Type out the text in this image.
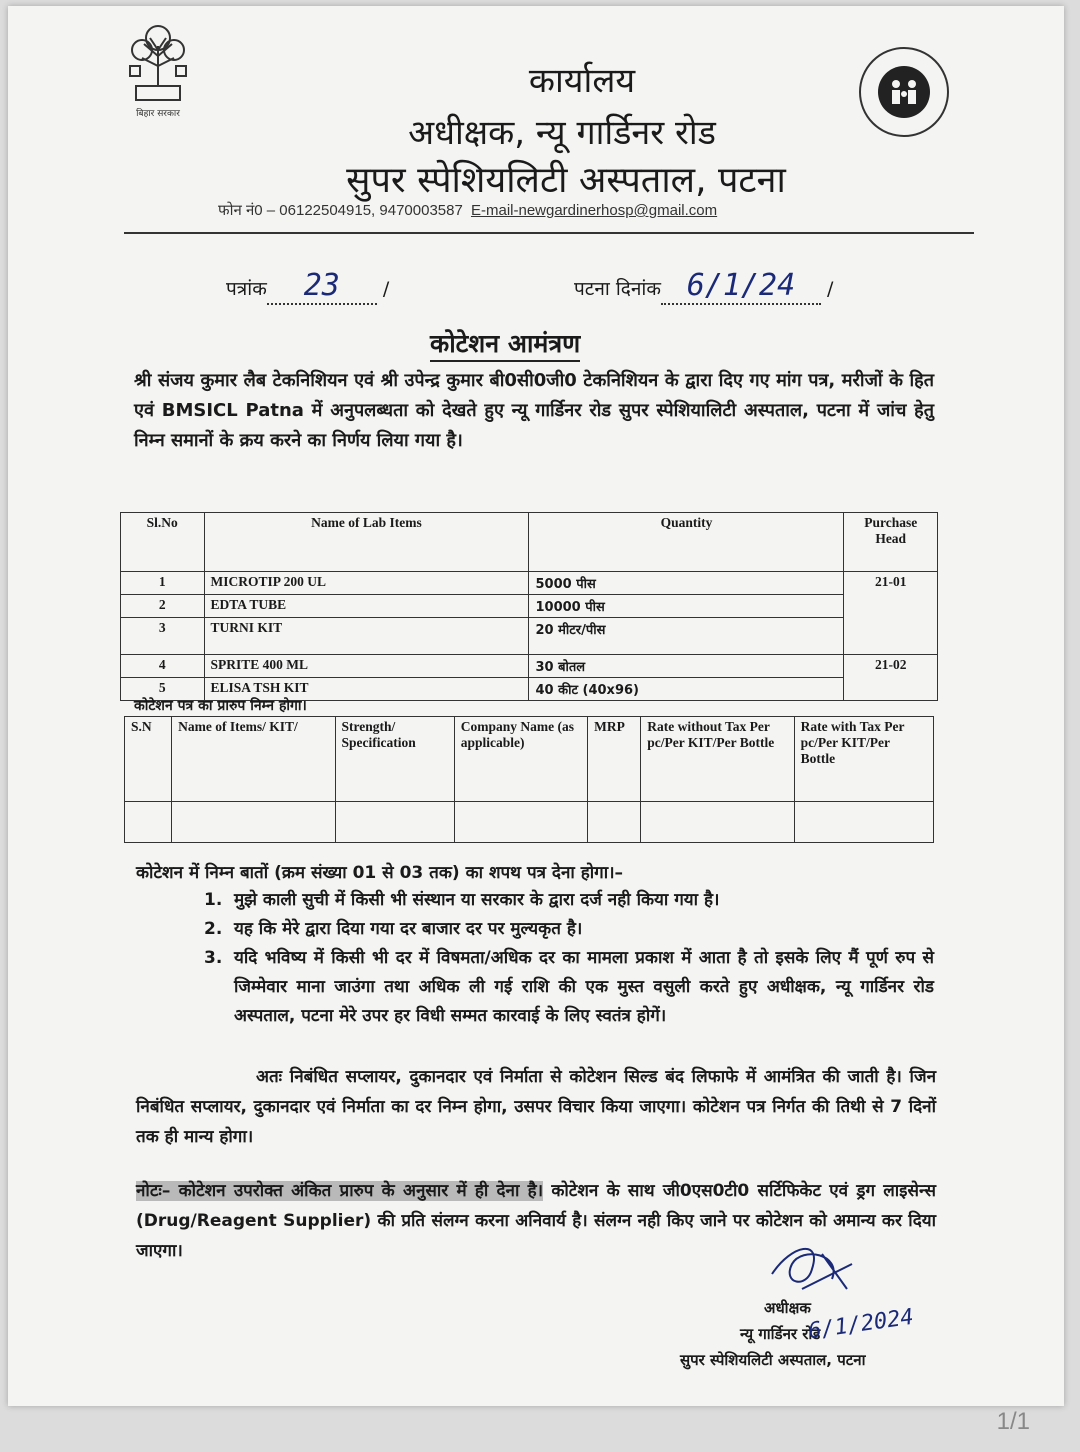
बिहार सरकार
कार्यालय
अधीक्षक, न्यू गार्डिनर रोड
सुपर स्पेशियलिटी अस्पताल, पटना
फोन नं0 – 06122504915, 9470003587 E-mail-newgardinerhosp@gmail.com
पत्रांक 23 /	पटना दिनांक 6/1/24 /
कोटेशन आमंत्रण
श्री संजय कुमार लैब टेकनिशियन एवं श्री उपेन्द्र कुमार बी0सी0जी0 टेकनिशियन के द्वारा दिए गए मांग पत्र, मरीजों के हित एवं BMSICL Patna में अनुपलब्धता को देखते हुए न्यू गार्डिनर रोड सुपर स्पेशियालिटी अस्पताल, पटना में जांच हेतु निम्न समानों के क्रय करने का निर्णय लिया गया है।
Sl.No	Name of Lab Items	Quantity	Purchase Head
1	MICROTIP 200 UL	5000 पीस	21-01
2	EDTA TUBE	10000 पीस	
3	TURNI KIT	20 मीटर/पीस	
4	SPRITE 400 ML	30 बोतल	21-02
5	ELISA TSH KIT	40 कीट (40x96)	
कोटेशन पत्र का प्रारुप निम्न होगा।
S.N	Name of Items/ KIT/	Strength/ Specification	Company Name (as applicable)	MRP	Rate without Tax Per pc/Per KIT/Per Bottle	Rate with Tax Per pc/Per KIT/Per Bottle

कोटेशन में निम्न बातों (क्रम संख्या 01 से 03 तक) का शपथ पत्र देना होगा।–
1. मुझे काली सुची में किसी भी संस्थान या सरकार के द्वारा दर्ज नही किया गया है।
2. यह कि मेरे द्वारा दिया गया दर बाजार दर पर मुल्यकृत है।
3. यदि भविष्य में किसी भी दर में विषमता/अधिक दर का मामला प्रकाश में आता है तो इसके लिए मैं पूर्ण रुप से जिम्मेवार माना जाउंगा तथा अधिक ली गई राशि की एक मुस्त वसुली करते हुए अधीक्षक, न्यू गार्डिनर रोड अस्पताल, पटना मेरे उपर हर विधी सम्मत कारवाई के लिए स्वतंत्र होगें।
अतः निबंधित सप्लायर, दुकानदार एवं निर्माता से कोटेशन सिल्ड बंद लिफाफे में आमंत्रित की जाती है। जिन निबंधित सप्लायर, दुकानदार एवं निर्माता का दर निम्न होगा, उसपर विचार किया जाएगा। कोटेशन पत्र निर्गत की तिथी से 7 दिनों तक ही मान्य होगा।
नोटः– कोटेशन उपरोक्त अंकित प्रारुप के अनुसार में ही देना है। कोटेशन के साथ जी0एस0टी0 सर्टिफिकेट एवं ड्रग लाइसेन्स (Drug/Reagent Supplier) की प्रति संलग्न करना अनिवार्य है। संलग्न नही किए जाने पर कोटेशन को अमान्य कर दिया जाएगा।
अधीक्षक
न्यू गार्डिनर रोड
सुपर स्पेशियलिटी अस्पताल, पटना
6/1/2024
1/1
